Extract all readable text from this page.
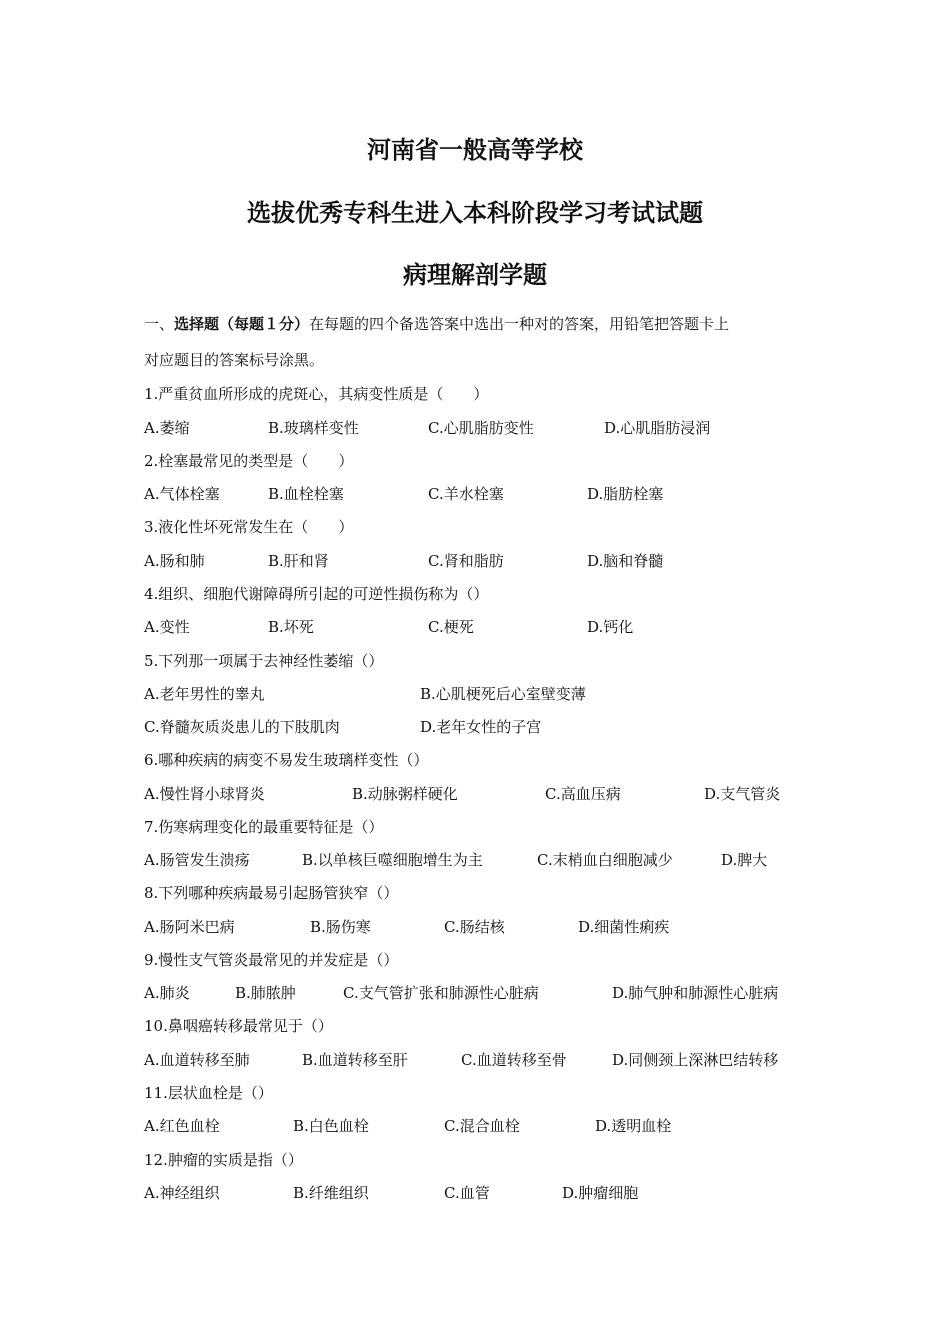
河南省一般高等学校
选拔优秀专科生进入本科阶段学习考试试题
病理解剖学题
一、选择题（每题１分）在每题的四个备选答案中选出一种对的答案，用铅笔把答题卡上
对应题目的答案标号涂黑。
1.严重贫血所形成的虎斑心，其病变性质是（　　）
A.萎缩	B.玻璃样变性	C.心肌脂肪变性	D.心肌脂肪浸润
2.栓塞最常见的类型是（　　）
A.气体栓塞	B.血栓栓塞	C.羊水栓塞	D.脂肪栓塞
3.液化性坏死常发生在（　　）
A.肠和肺	B.肝和肾	C.肾和脂肪	D.脑和脊髓
4.组织、细胞代谢障碍所引起的可逆性损伤称为（）
A.变性	B.坏死	C.梗死	D.钙化
5.下列那一项属于去神经性萎缩（）
A.老年男性的睾丸	B.心肌梗死后心室壁变薄
C.脊髓灰质炎患儿的下肢肌肉	D.老年女性的子宫
6.哪种疾病的病变不易发生玻璃样变性（）
A.慢性肾小球肾炎	B.动脉粥样硬化	C.高血压病	D.支气管炎
7.伤寒病理变化的最重要特征是（）
A.肠管发生溃疡	B.以单核巨噬细胞增生为主	C.末梢血白细胞减少	D.脾大
8.下列哪种疾病最易引起肠管狭窄（）
A.肠阿米巴病	B.肠伤寒	C.肠结核	D.细菌性痢疾
9.慢性支气管炎最常见的并发症是（）
A.肺炎	B.肺脓肿	C.支气管扩张和肺源性心脏病	D.肺气肿和肺源性心脏病
10.鼻咽癌转移最常见于（）
A.血道转移至肺	B.血道转移至肝	C.血道转移至骨	D.同侧颈上深淋巴结转移
11.层状血栓是（）
A.红色血栓	B.白色血栓	C.混合血栓	D.透明血栓
12.肿瘤的实质是指（）
A.神经组织	B.纤维组织	C.血管	D.肿瘤细胞
